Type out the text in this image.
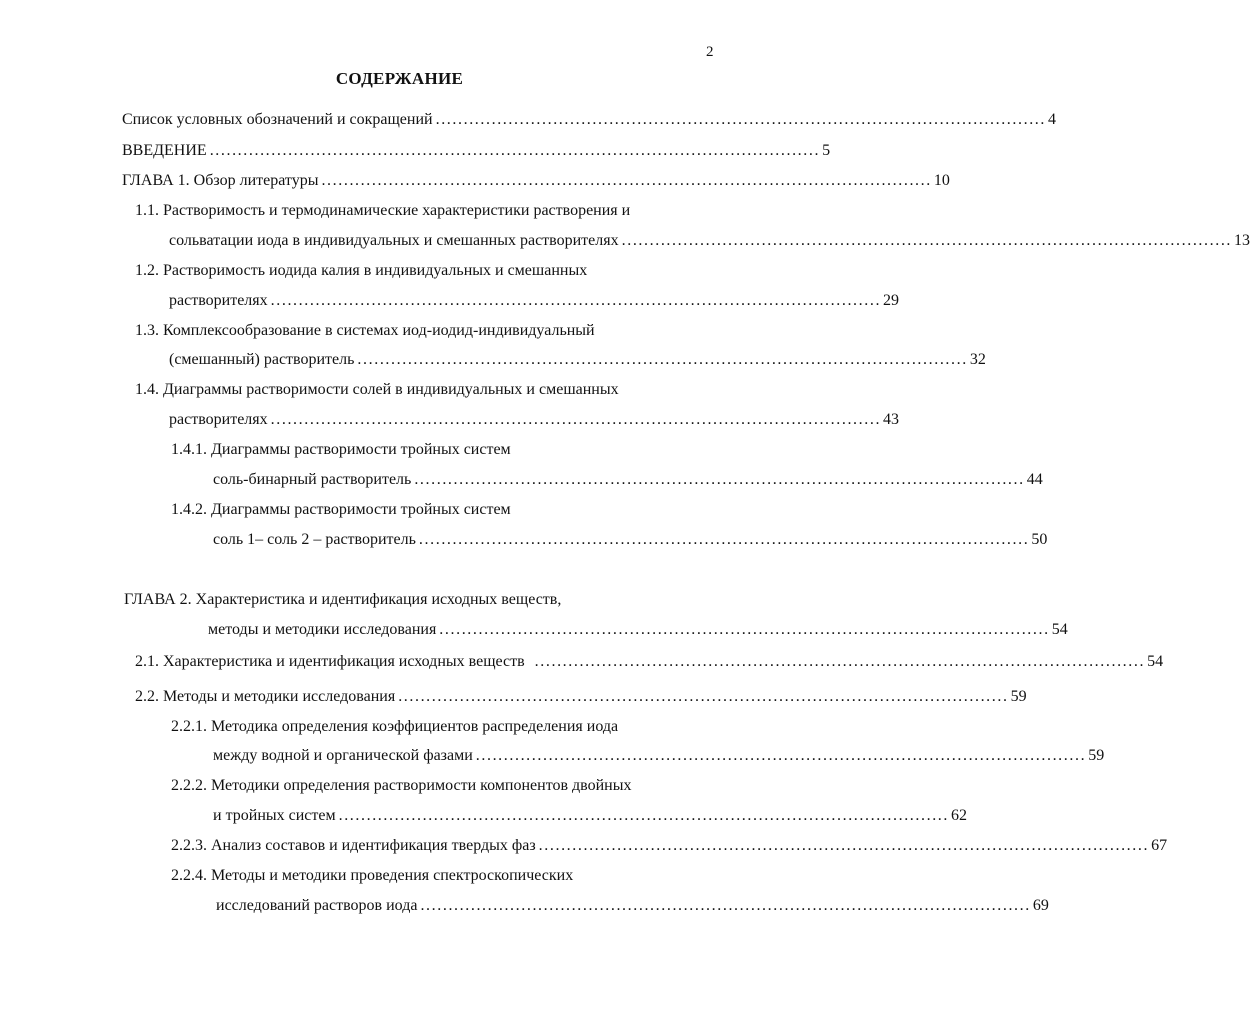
2
СОДЕРЖАНИЕ
Список условных обозначений и сокращений ............................................................................................................. 4
ВВЕДЕНИЕ ............................................................................................................. 5
ГЛАВА 1. Обзор литературы ............................................................................................................. 10
1.1. Растворимость и термодинамические характеристики растворения и
сольватации иода в индивидуальных и смешанных растворителях ............................................................................................................. 13
1.2. Растворимость иодида калия в индивидуальных и смешанных
растворителях ............................................................................................................. 29
1.3. Комплексообразование в системах иод-иодид-индивидуальный
(смешанный) растворитель ............................................................................................................. 32
1.4. Диаграммы растворимости солей в индивидуальных и смешанных
растворителях ............................................................................................................. 43
1.4.1. Диаграммы растворимости тройных систем
соль-бинарный растворитель ............................................................................................................. 44
1.4.2. Диаграммы растворимости тройных систем
соль 1– соль 2 – растворитель ............................................................................................................. 50
ГЛАВА 2. Характеристика и идентификация исходных веществ,
методы и методики исследования ............................................................................................................. 54
2.1. Характеристика и идентификация исходных веществ ............................................................................................................. 54
2.2. Методы и методики исследования ............................................................................................................. 59
2.2.1. Методика определения коэффициентов распределения иода
между водной и органической фазами ............................................................................................................. 59
2.2.2. Методики определения растворимости компонентов двойных
и тройных систем ............................................................................................................. 62
2.2.3. Анализ составов и идентификация твердых фаз ............................................................................................................. 67
2.2.4. Методы и методики проведения спектроскопических
исследований растворов иода ............................................................................................................. 69
